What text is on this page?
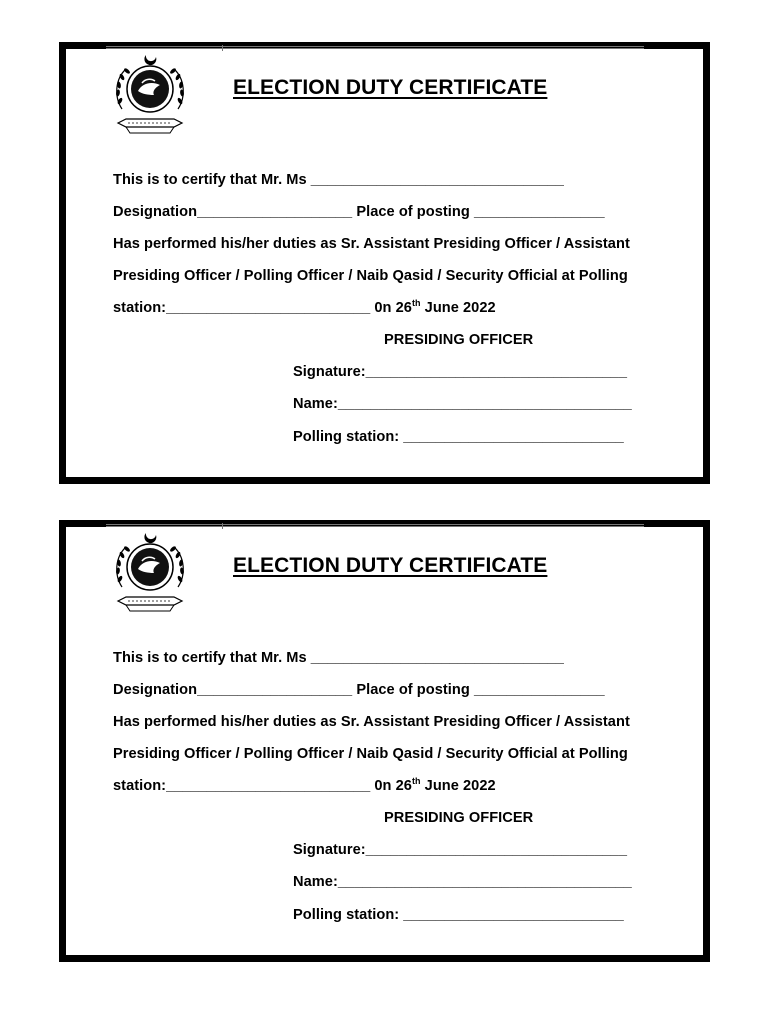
ELECTION DUTY CERTIFICATE
This is to certify that Mr. Ms _______________________________
Designation___________________ Place of posting ________________
Has performed his/her duties as Sr. Assistant Presiding Officer / Assistant
Presiding Officer / Polling Officer / Naib Qasid / Security Official at Polling
station:_________________________ 0n 26th June 2022
PRESIDING OFFICER
Signature:________________________________
Name:____________________________________
Polling station: ___________________________
ELECTION DUTY CERTIFICATE
This is to certify that Mr. Ms _______________________________
Designation___________________ Place of posting ________________
Has performed his/her duties as Sr. Assistant Presiding Officer / Assistant
Presiding Officer / Polling Officer / Naib Qasid / Security Official at Polling
station:_________________________ 0n 26th June 2022
PRESIDING OFFICER
Signature:________________________________
Name:____________________________________
Polling station: ___________________________
